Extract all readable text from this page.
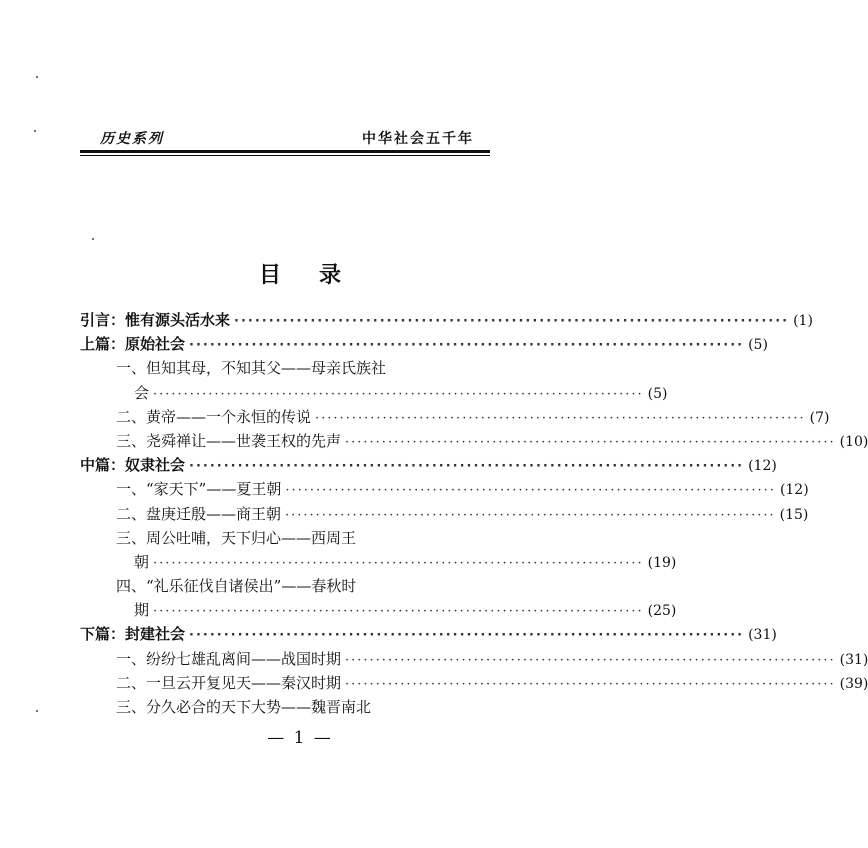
历史系列	中华社会五千年
目录
引言：惟有源头活水来 ················································································ (1)
上篇：原始社会 ················································································ (5)
一、但知其母，不知其父——母亲氏族社
会 ················································································ (5)
二、黄帝——一个永恒的传说 ················································································ (7)
三、尧舜禅让——世袭王权的先声 ················································································ (10)
中篇：奴隶社会 ················································································ (12)
一、“家天下”——夏王朝 ················································································ (12)
二、盘庚迁殷——商王朝 ················································································ (15)
三、周公吐哺，天下归心——西周王
朝 ················································································ (19)
四、“礼乐征伐自诸侯出”——春秋时
期 ················································································ (25)
下篇：封建社会 ················································································ (31)
一、纷纷七雄乱离间——战国时期 ················································································ (31)
二、一旦云开复见天——秦汉时期 ················································································ (39)
三、分久必合的天下大势——魏晋南北
— 1 —
